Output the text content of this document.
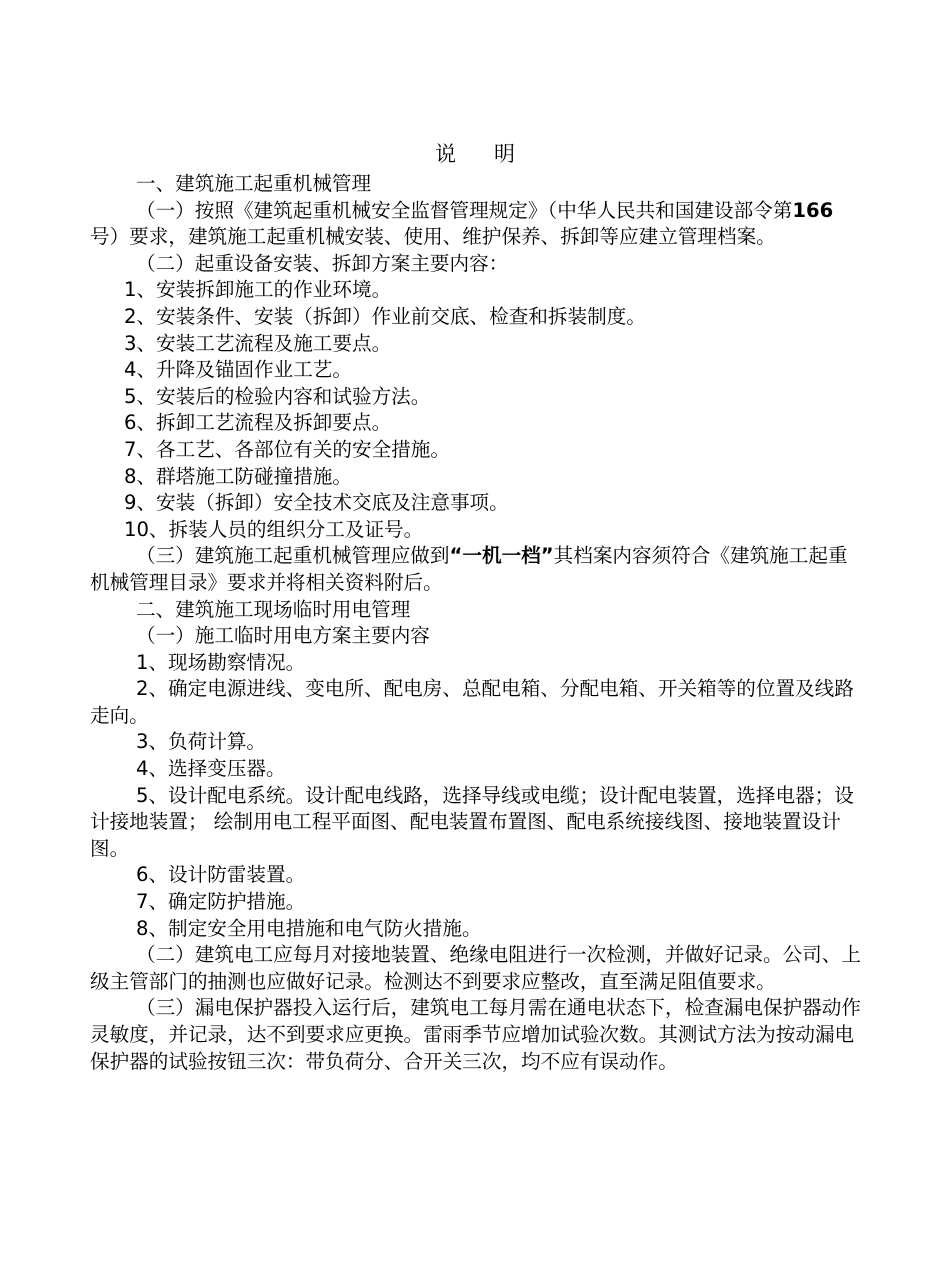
说 明

一、建筑施工起重机械管理

（一）按照《建筑起重机械安全监督管理规定》（中华人民共和国建设部令第166号）要求，建筑施工起重机械安装、使用、维护保养、拆卸等应建立管理档案。

（二）起重设备安装、拆卸方案主要内容：

1、安装拆卸施工的作业环境。

2、安装条件、安装（拆卸）作业前交底、检查和拆装制度。

3、安装工艺流程及施工要点。

4、升降及锚固作业工艺。

5、安装后的检验内容和试验方法。

6、拆卸工艺流程及拆卸要点。

7、各工艺、各部位有关的安全措施。

8、群塔施工防碰撞措施。

9、安装（拆卸）安全技术交底及注意事项。

10、拆装人员的组织分工及证号。

（三）建筑施工起重机械管理应做到“一机一档”其档案内容须符合《建筑施工起重机械管理目录》要求并将相关资料附后。

二、建筑施工现场临时用电管理

（一）施工临时用电方案主要内容

1、现场勘察情况。

2、确定电源进线、变电所、配电房、总配电箱、分配电箱、开关箱等的位置及线路走向。

3、负荷计算。

4、选择变压器。

5、设计配电系统。设计配电线路，选择导线或电缆；设计配电装置，选择电器；设计接地装置； 绘制用电工程平面图、配电装置布置图、配电系统接线图、接地装置设计图。

6、设计防雷装置。

7、确定防护措施。

8、制定安全用电措施和电气防火措施。

（二）建筑电工应每月对接地装置、绝缘电阻进行一次检测，并做好记录。公司、上级主管部门的抽测也应做好记录。检测达不到要求应整改，直至满足阻值要求。

（三）漏电保护器投入运行后，建筑电工每月需在通电状态下，检查漏电保护器动作灵敏度，并记录，达不到要求应更换。雷雨季节应增加试验次数。其测试方法为按动漏电保护器的试验按钮三次：带负荷分、合开关三次，均不应有误动作。
